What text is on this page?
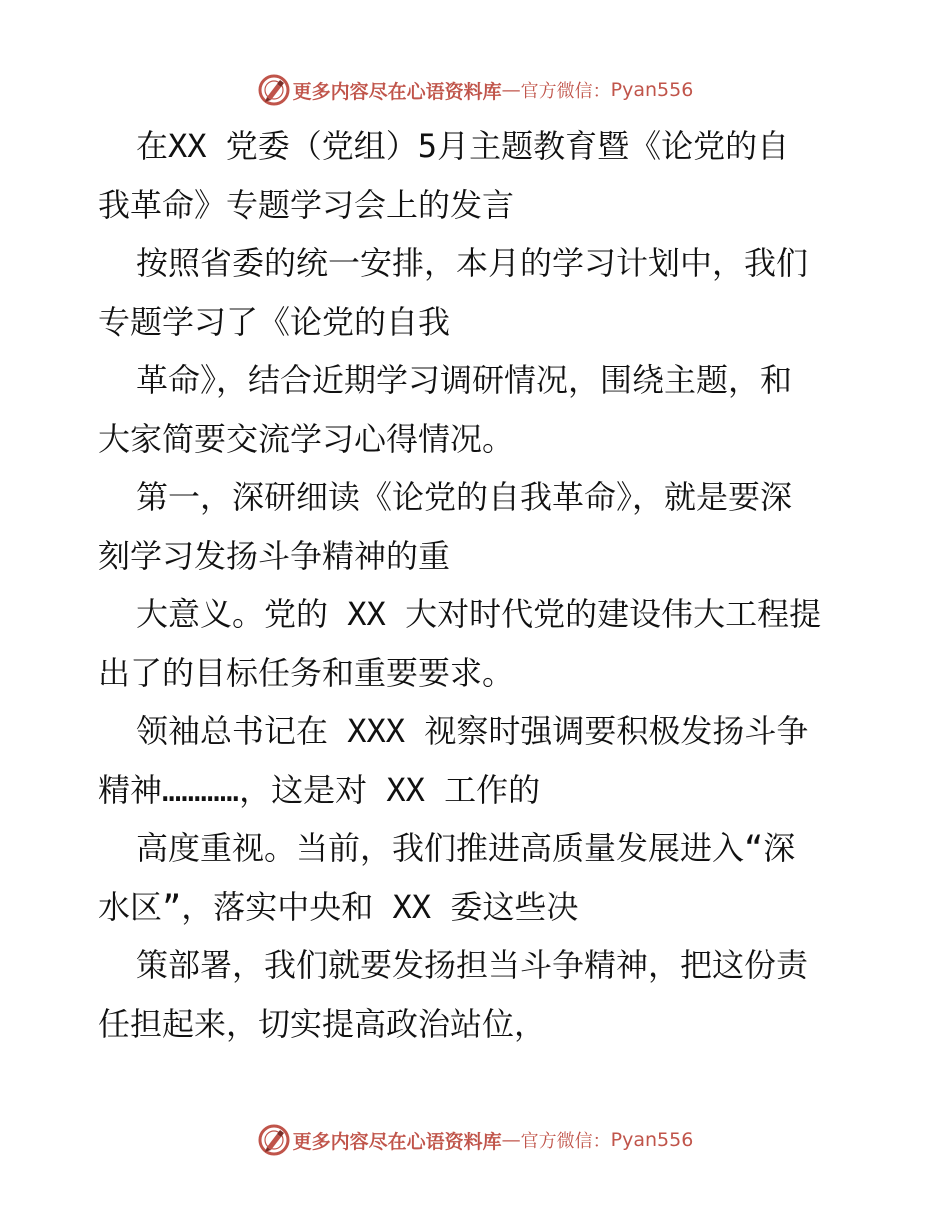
更多内容尽在心语资料库 — 官方微信： Pyan556

在XX 党委（党组）5月主题教育暨《论党的自
我革命》专题学习会上的发言

按照省委的统一安排，本月的学习计划中，我们
专题学习了《论党的自我

革命》，结合近期学习调研情况，围绕主题，和
大家简要交流学习心得情况。

第一，深研细读《论党的自我革命》，就是要深
刻学习发扬斗争精神的重

大意义。党的 XX 大对时代党的建设伟大工程提
出了的目标任务和重要要求。

领袖总书记在 XXX 视察时强调要积极发扬斗争
精神…………，这是对 XX 工作的

高度重视。当前，我们推进高质量发展进入“深
水区”，落实中央和 XX 委这些决

策部署，我们就要发扬担当斗争精神，把这份责
任担起来，切实提高政治站位，

更多内容尽在心语资料库 — 官方微信： Pyan556
